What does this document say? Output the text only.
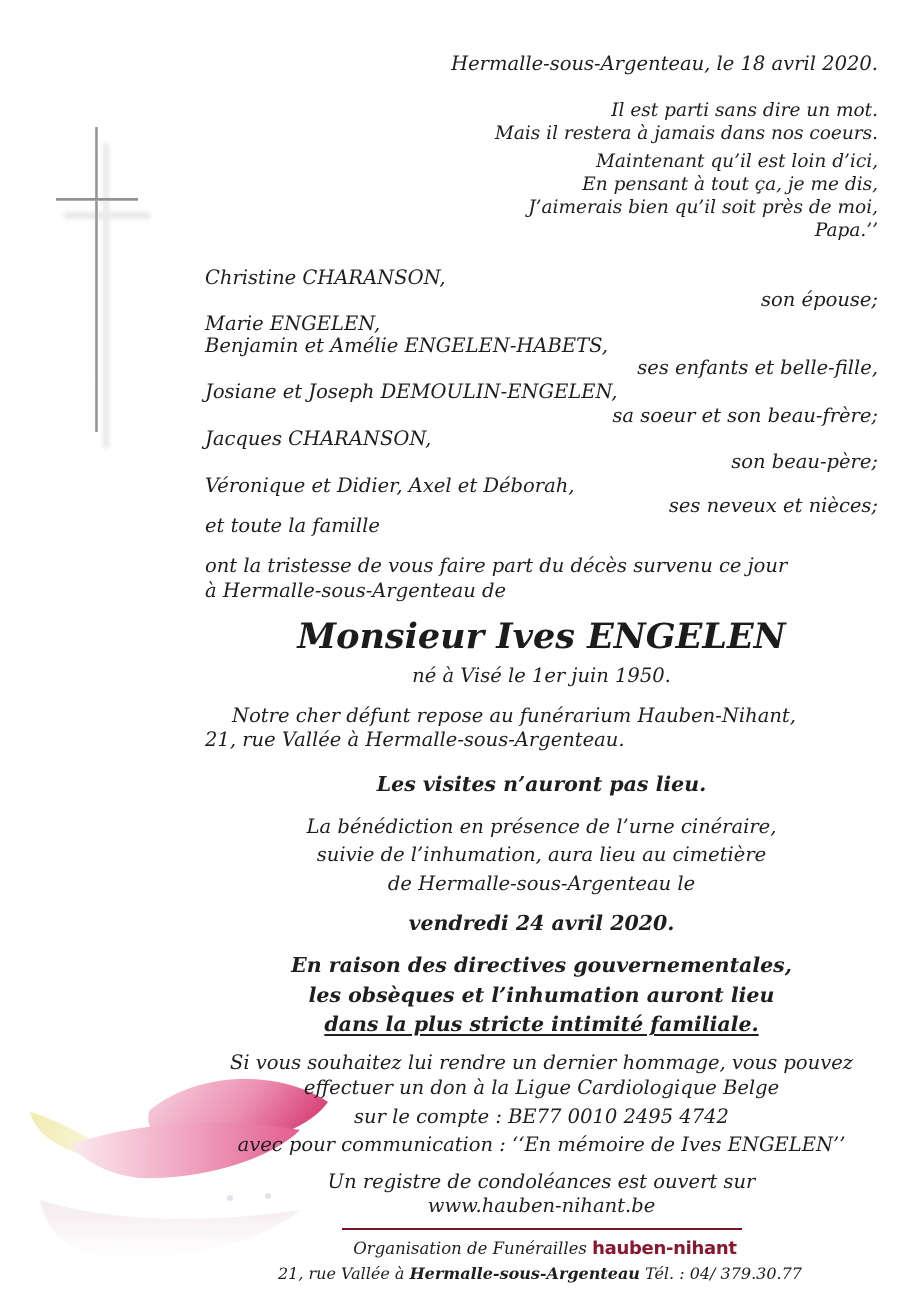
Hermalle-sous-Argenteau, le 18 avril 2020.
Il est parti sans dire un mot.
Mais il restera à jamais dans nos coeurs.
Maintenant qu’il est loin d’ici,
En pensant à tout ça, je me dis,
J’aimerais bien qu’il soit près de moi,
Papa.’’
Christine CHARANSON,
son épouse;
Marie ENGELEN,
Benjamin et Amélie ENGELEN-HABETS,
ses enfants et belle-fille,
Josiane et Joseph DEMOULIN-ENGELEN,
sa soeur et son beau-frère;
Jacques CHARANSON,
son beau-père;
Véronique et Didier, Axel et Déborah,
ses neveux et nièces;
et toute la famille
ont la tristesse de vous faire part du décès survenu ce jour
à Hermalle-sous-Argenteau de
Monsieur Ives ENGELEN
né à Visé le 1er juin 1950.
Notre cher défunt repose au funérarium Hauben-Nihant,
21, rue Vallée à Hermalle-sous-Argenteau.
Les visites n’auront pas lieu.
La bénédiction en présence de l’urne cinéraire,
suivie de l’inhumation, aura lieu au cimetière
de Hermalle-sous-Argenteau le
vendredi 24 avril 2020.
En raison des directives gouvernementales,
les obsèques et l’inhumation auront lieu
dans la plus stricte intimité familiale.
Si vous souhaitez lui rendre un dernier hommage, vous pouvez
effectuer un don à la Ligue Cardiologique Belge
sur le compte : BE77 0010 2495 4742
avec pour communication : ‘‘En mémoire de Ives ENGELEN’’
Un registre de condoléances est ouvert sur
www.hauben-nihant.be
Organisation de Funérailles hauben-nihant
21, rue Vallée à Hermalle-sous-Argenteau Tél. : 04/ 379.30.77
